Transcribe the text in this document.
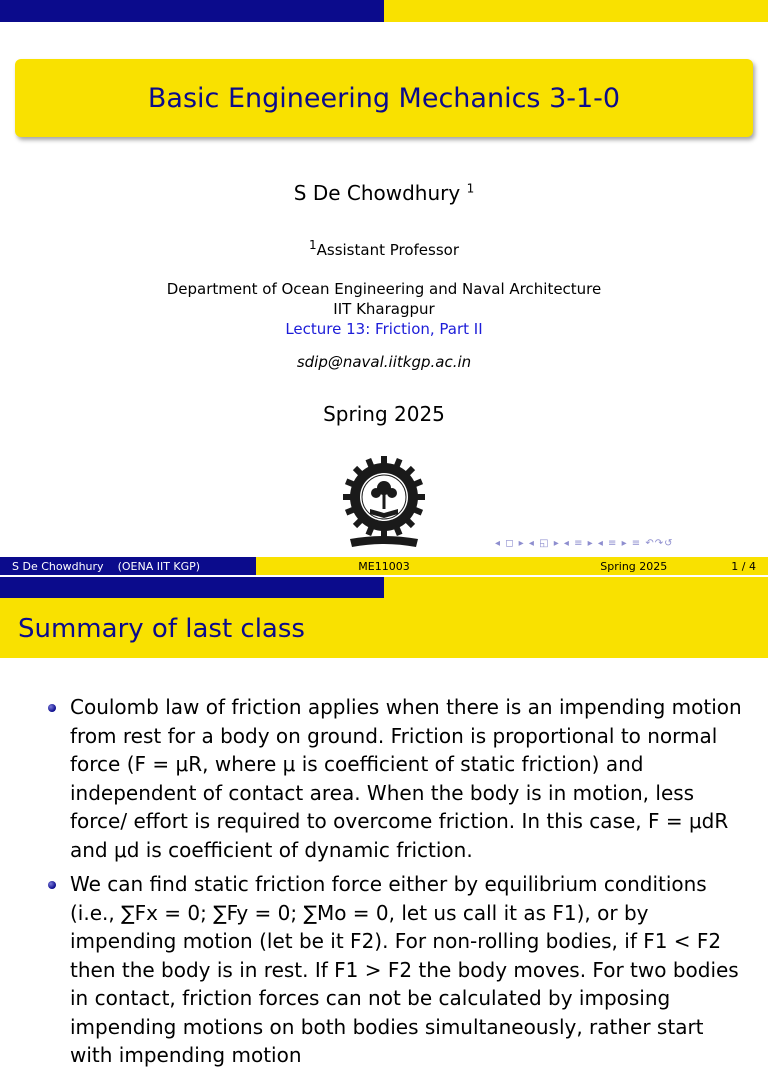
Basic Engineering Mechanics 3-1-0
S De Chowdhury $^1$
$^1$Assistant Professor
Department of Ocean Engineering and Naval Architecture
IIT Kharagpur
Lecture 13: Friction, Part II
sdip@naval.iitkgp.ac.in
Spring 2025
◂ ◻ ▸ ◂ ◱ ▸ ◂ ≡ ▸ ◂ ≡ ▸ ≡ ↶↷↺
S De Chowdhury (OENA IIT KGP)	ME11003	Spring 2025	1 / 4
Summary of last class
Coulomb law of friction applies when there is an impending motion from rest for a body on ground. Friction is proportional to normal force (F = μR, where μ is coefficient of static friction) and independent of contact area. When the body is in motion, less force/ effort is required to overcome friction. In this case, F = μdR and μd is coefficient of dynamic friction.
We can find static friction force either by equilibrium conditions (i.e., ∑Fx = 0; ∑Fy = 0; ∑Mo = 0, let us call it as F1), or by impending motion (let be it F2). For non-rolling bodies, if F1 < F2 then the body is in rest. If F1 > F2 the body moves. For two bodies in contact, friction forces can not be calculated by imposing impending motions on both bodies simultaneously, rather start with impending motion
